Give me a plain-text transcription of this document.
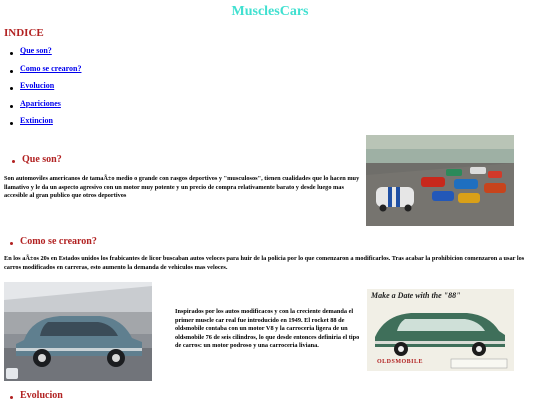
MusclesCars
INDICE
Que son?
Como se crearon?
Evolucion
Apariciones
Extincion
Que son?
Son automoviles americanos de tamaÃ±o medio o grande con rasgos deportivos y "musculosos", tienen cualidades que lo hacen muy llamativo y le da un aspecto agresivo con un motor muy potente y un precio de compra relativamente barato y desde luego mas accesible al gran publico que otros deportivos
Como se crearon?
En los aÃ±os 20s en Estados unidos los frabicantes de licor buscaban autos veloces para huir de la policia por lo que comenzaron a modificarlos. Tras acabar la prohibicion comenzaron a usar los carros modificados en carreras, esto aumento la demanda de vehiculos mas veloces.
Inspirados por los autos modificacos y con la creciente demanda el primer muscle car real fue introducido en 1949. El rocket 88 de oldsmobile contaba con un motor V8 y la carroceria ligera de un oldsmobile 76 de seis cilindros, lo que desde entonces definiria el tipo de carros: un motor podroso y una carroceria liviana.
Make a Date with the "88"
OLDSMOBILE
Evolucion
